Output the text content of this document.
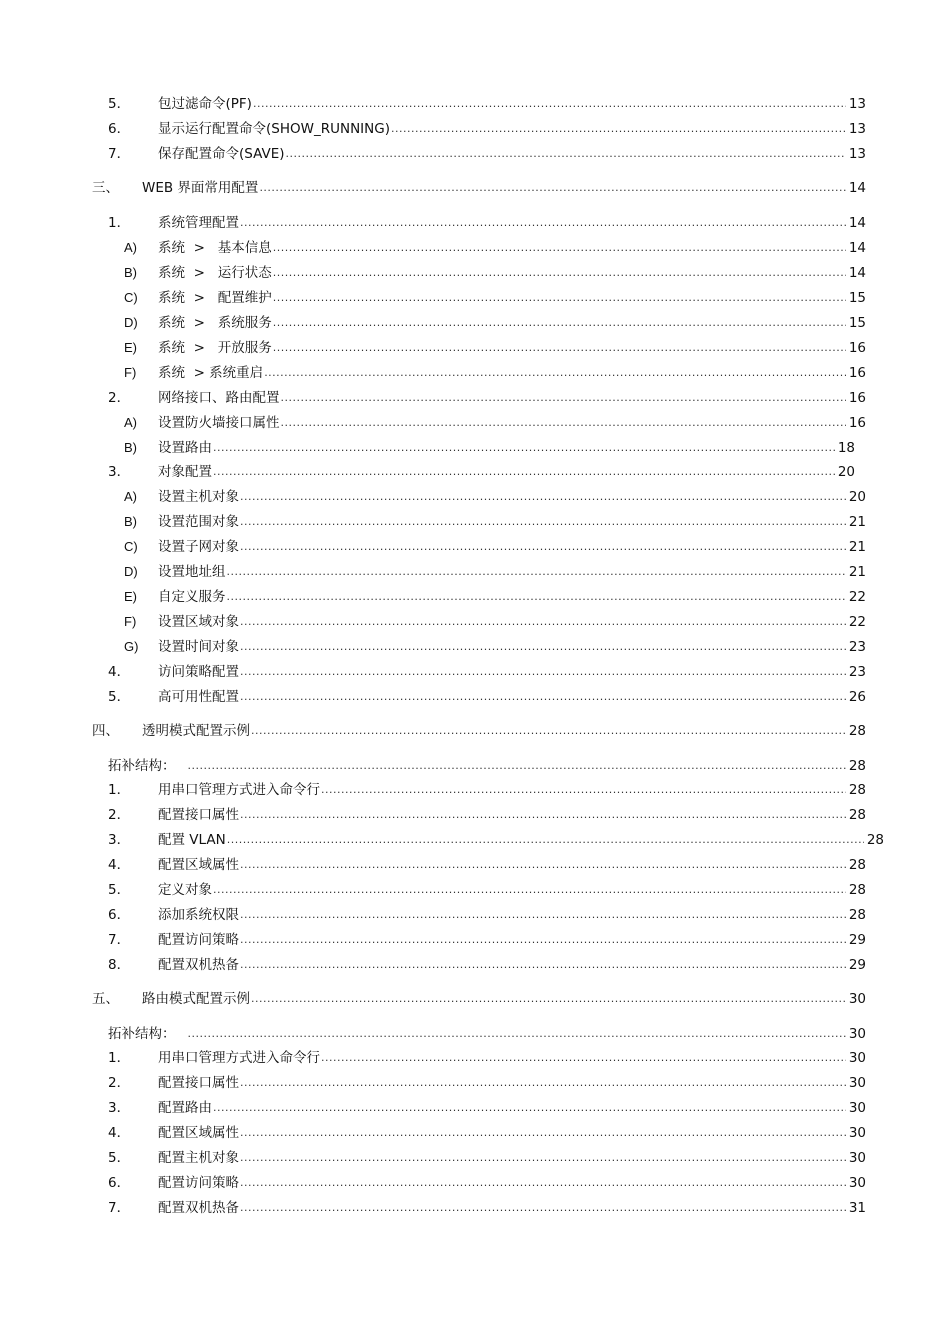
5． 包过滤命令(PF) .....	13
6． 显示运行配置命令(SHOW_RUNNING) .....	13
7． 保存配置命令(SAVE) .....	13
三、 WEB 界面常用配置 .....	14
1． 系统管理配置 .....	14
A) 系统  >   基本信息 .....	14
B) 系统  >   运行状态 .....	14
C) 系统  >   配置维护 .....	15
D) 系统  >   系统服务 .....	15
E) 系统  >   开放服务 .....	16
F) 系统  > 系统重启 .....	16
2． 网络接口、路由配置 .....	16
A) 设置防火墙接口属性 .....	16
B) 设置路由 .....	18
3． 对象配置 .....	20
A) 设置主机对象 .....	20
B) 设置范围对象 .....	21
C) 设置子网对象 .....	21
D) 设置地址组 .....	21
E) 自定义服务 .....	22
F) 设置区域对象 .....	22
G) 设置时间对象 .....	23
4． 访问策略配置 .....	23
5． 高可用性配置 .....	26
四、 透明模式配置示例 .....	28
拓补结构： .....	28
1． 用串口管理方式进入命令行 .....	28
2． 配置接口属性 .....	28
3． 配置 VLAN .....	28
4． 配置区域属性 .....	28
5． 定义对象 .....	28
6． 添加系统权限 .....	28
7． 配置访问策略 .....	29
8． 配置双机热备 .....	29
五、 路由模式配置示例 .....	30
拓补结构： .....	30
1． 用串口管理方式进入命令行 .....	30
2． 配置接口属性 .....	30
3． 配置路由 .....	30
4． 配置区域属性 .....	30
5． 配置主机对象 .....	30
6． 配置访问策略 .....	30
7． 配置双机热备 .....	31
